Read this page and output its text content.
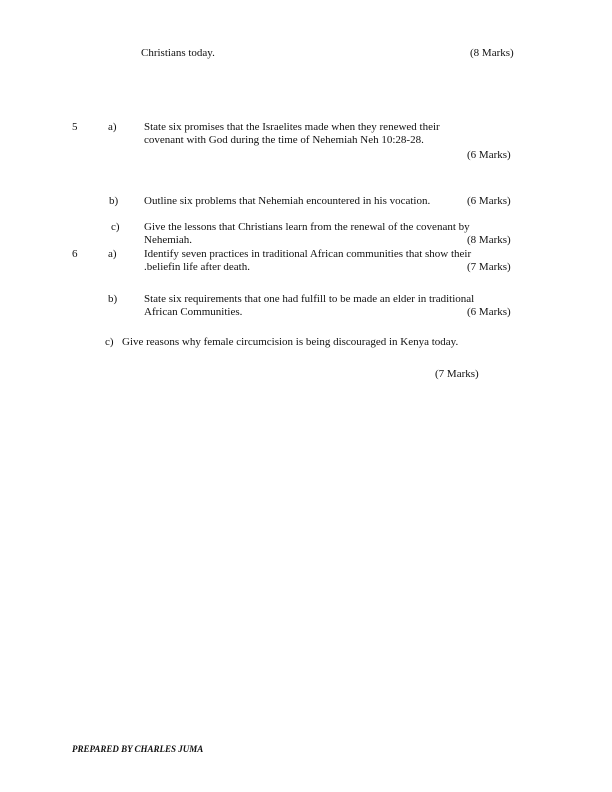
Christians today.	(8 Marks)
5	a) State six promises that the Israelites made when they renewed their
covenant with God during the time of Nehemiah Neh 10:28-28.
(6 Marks)
b) Outline six problems that Nehemiah encountered in his vocation.	(6 Marks)
c) Give the lessons that Christians learn from the renewal of the covenant by
Nehemiah.	(8 Marks)
6	a) Identify seven practices in traditional African communities that show their
.beliefin life after death.	(7 Marks)
b) State six requirements that one had fulfill to be made an elder in traditional
African Communities.	(6 Marks)
c) Give reasons why female circumcision is being discouraged in Kenya today.
(7 Marks)
PREPARED BY CHARLES JUMA
